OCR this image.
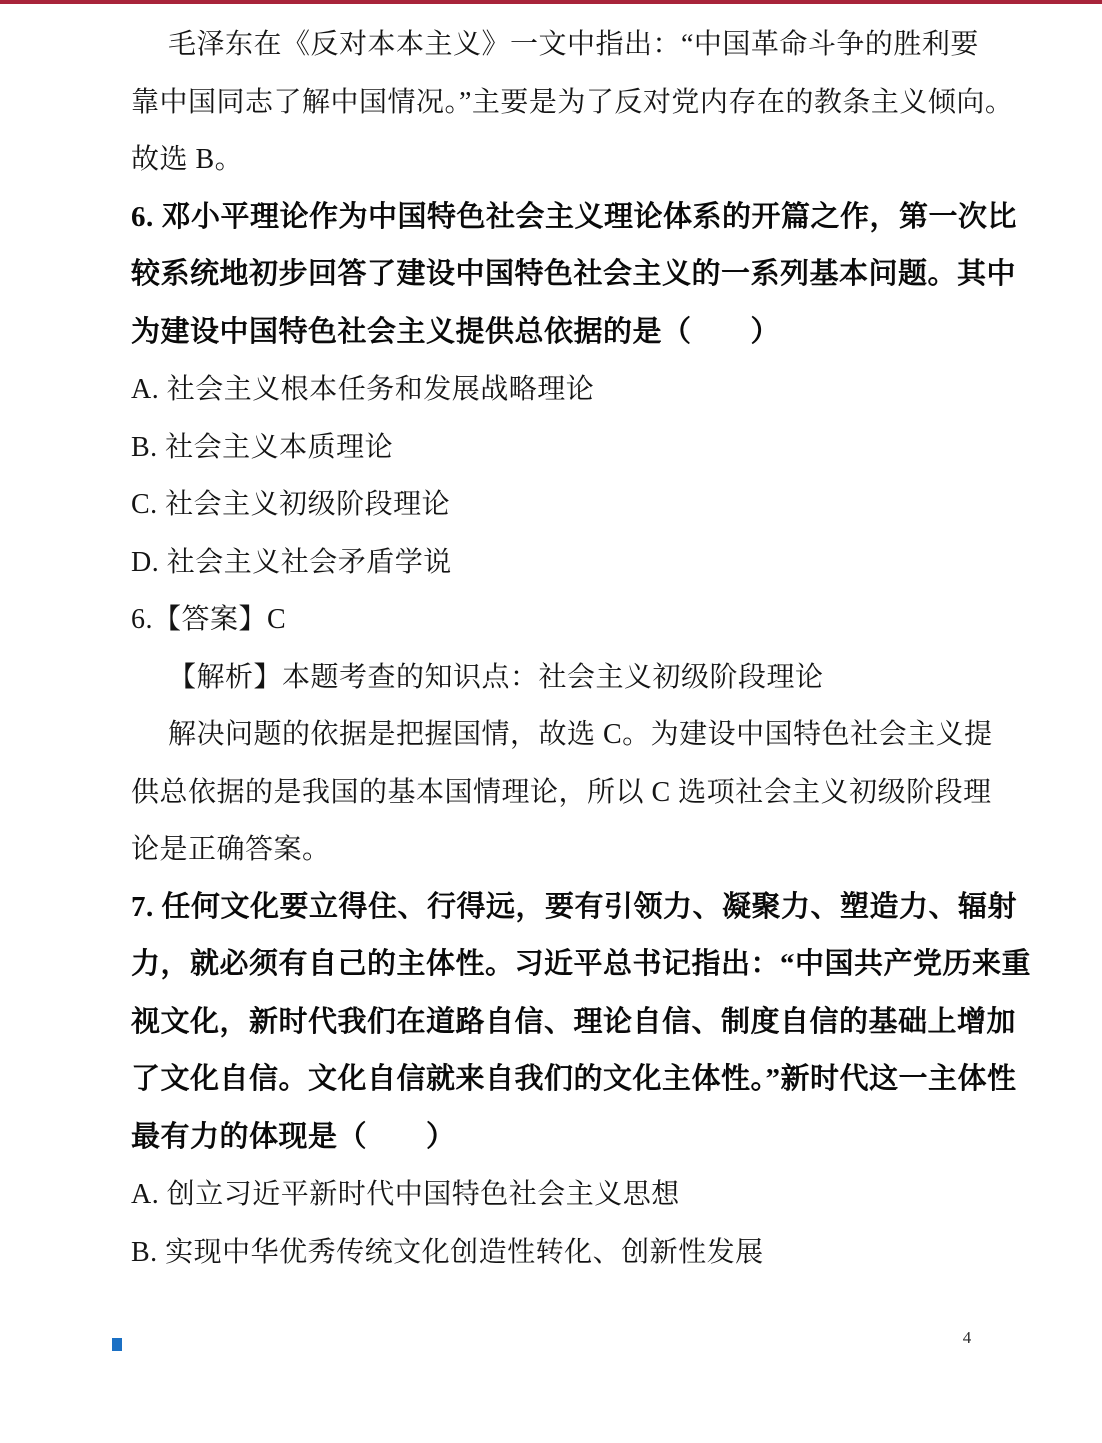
毛泽东在《反对本本主义》一文中指出：“中国革命斗争的胜利要
靠中国同志了解中国情况。”主要是为了反对党内存在的教条主义倾向。
故选 B。
6. 邓小平理论作为中国特色社会主义理论体系的开篇之作，第一次比
较系统地初步回答了建设中国特色社会主义的一系列基本问题。其中
为建设中国特色社会主义提供总依据的是（　　）
A. 社会主义根本任务和发展战略理论
B. 社会主义本质理论
C. 社会主义初级阶段理论
D. 社会主义社会矛盾学说
6.【答案】C
【解析】本题考查的知识点：社会主义初级阶段理论
解决问题的依据是把握国情，故选 C。为建设中国特色社会主义提
供总依据的是我国的基本国情理论，所以 C 选项社会主义初级阶段理
论是正确答案。
7. 任何文化要立得住、行得远，要有引领力、凝聚力、塑造力、辐射
力，就必须有自己的主体性。习近平总书记指出：“中国共产党历来重
视文化，新时代我们在道路自信、理论自信、制度自信的基础上增加
了文化自信。文化自信就来自我们的文化主体性。”新时代这一主体性
最有力的体现是（　　）
A. 创立习近平新时代中国特色社会主义思想
B. 实现中华优秀传统文化创造性转化、创新性发展
4
